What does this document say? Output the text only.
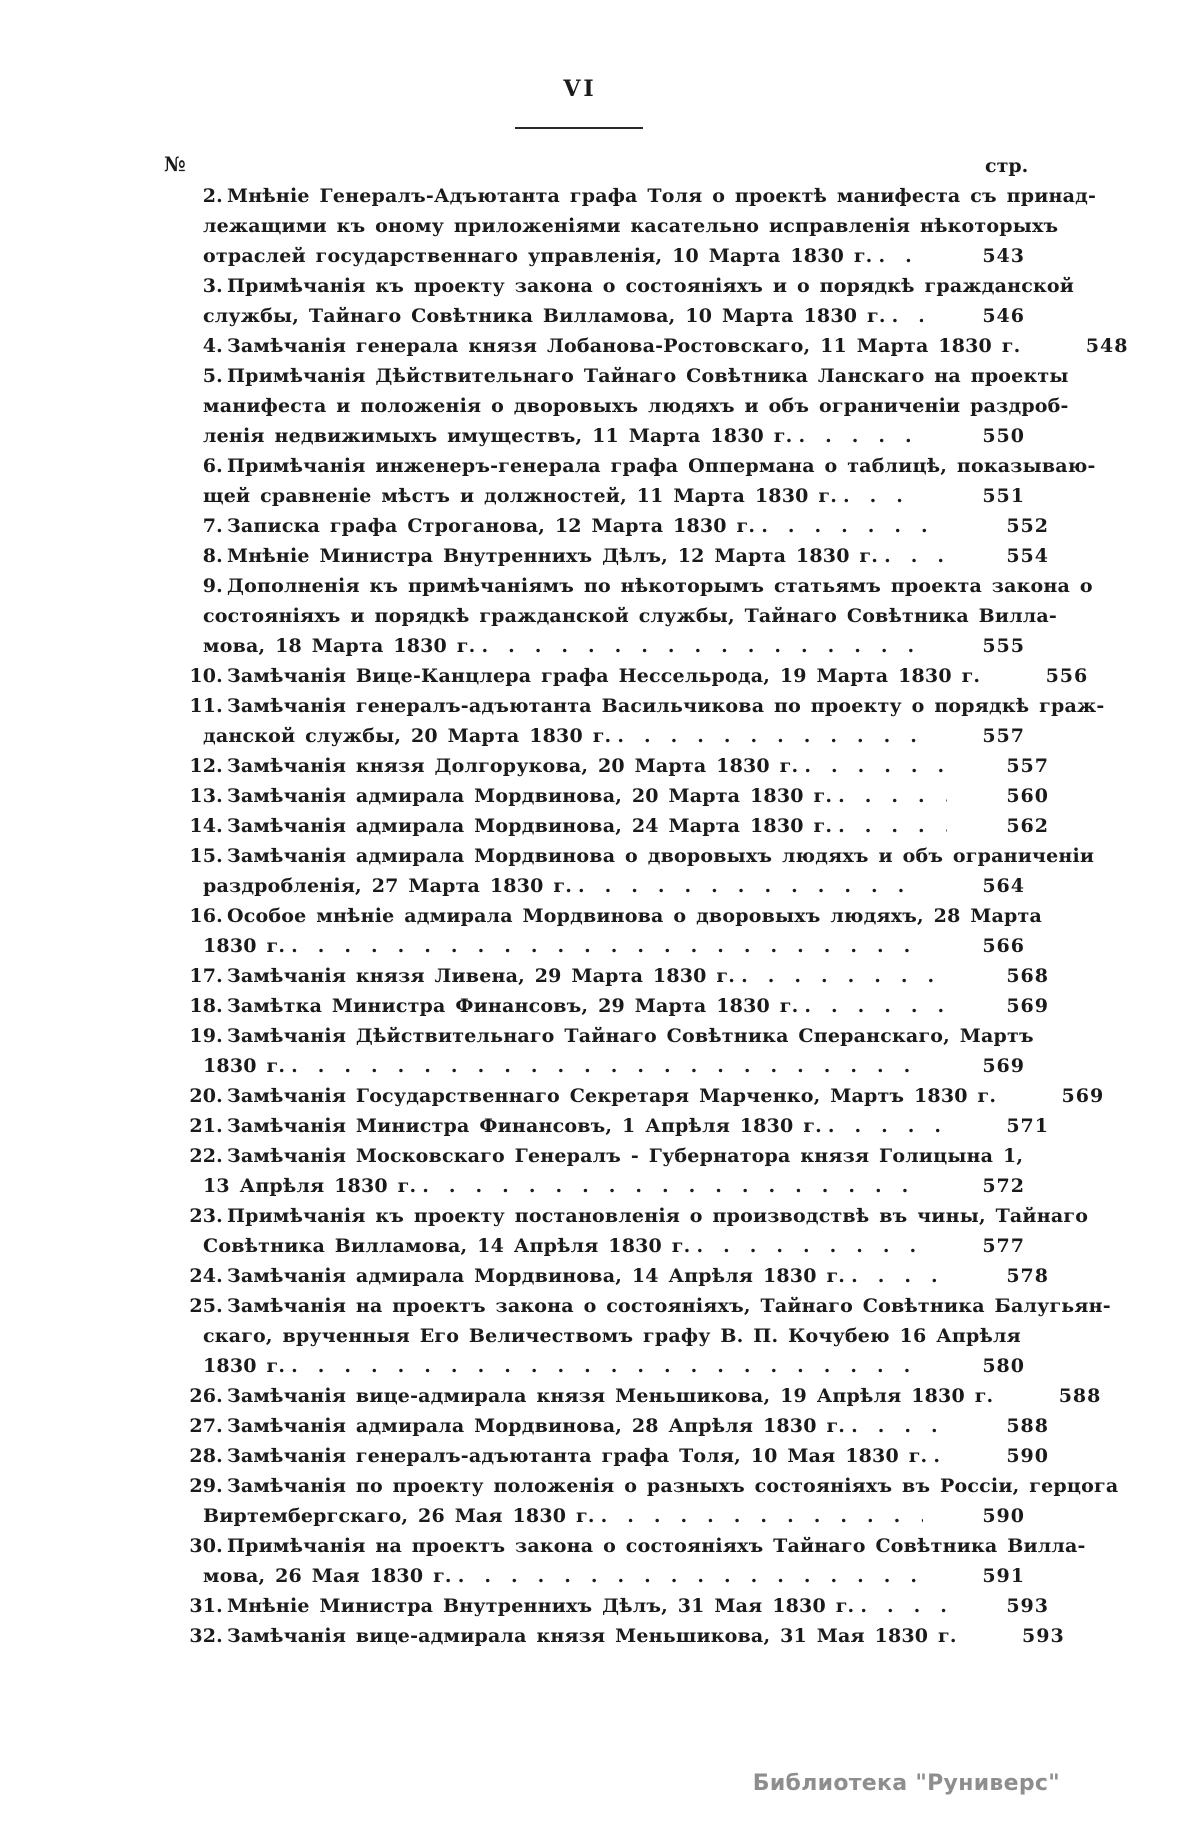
VI
№	стр.
2. Мнѣніе Генералъ-Адъютанта графа Толя о проектѣ манифеста съ принад-
лежащими къ оному приложеніями касательно исправленія нѣкоторыхъ
отраслей государственнаго управленія, 10 Марта 1830 г. . . .	543
3. Примѣчанія къ проекту закона о состояніяхъ и о порядкѣ гражданской
службы, Тайнаго Совѣтника Вилламова, 10 Марта 1830 г. . . .	546
4. Замѣчанія генерала князя Лобанова-Ростовскаго, 11 Марта 1830 г.	548
5. Примѣчанія Дѣйствительнаго Тайнаго Совѣтника Ланскаго на проекты
манифеста и положенія о дворовыхъ людяхъ и объ ограниченіи раздроб-
ленія недвижимыхъ имуществъ, 11 Марта 1830 г. . . .	550
6. Примѣчанія инженеръ-генерала графа Оппермана о таблицѣ, показываю-
щей сравненіе мѣстъ и должностей, 11 Марта 1830 г. . . .	551
7. Записка графа Строганова, 12 Марта 1830 г. . . .	552
8. Мнѣніе Министра Внутреннихъ Дѣлъ, 12 Марта 1830 г. . . .	554
9. Дополненія къ примѣчаніямъ по нѣкоторымъ статьямъ проекта закона о
состояніяхъ и порядкѣ гражданской службы, Тайнаго Совѣтника Вилла-
мова, 18 Марта 1830 г. . . .	555
10. Замѣчанія Вице-Канцлера графа Нессельрода, 19 Марта 1830 г.	556
11. Замѣчанія генералъ-адъютанта Васильчикова по проекту о порядкѣ граж-
данской службы, 20 Марта 1830 г. . . .	557
12. Замѣчанія князя Долгорукова, 20 Марта 1830 г. . . .	557
13. Замѣчанія адмирала Мордвинова, 20 Марта 1830 г. . . .	560
14. Замѣчанія адмирала Мордвинова, 24 Марта 1830 г. . . .	562
15. Замѣчанія адмирала Мордвинова о дворовыхъ людяхъ и объ ограниченіи
раздробленія, 27 Марта 1830 г. . . .	564
16. Особое мнѣніе адмирала Мордвинова о дворовыхъ людяхъ, 28 Марта
1830 г. . . .	566
17. Замѣчанія князя Ливена, 29 Марта 1830 г. . . .	568
18. Замѣтка Министра Финансовъ, 29 Марта 1830 г. . . .	569
19. Замѣчанія Дѣйствительнаго Тайнаго Совѣтника Сперанскаго, Мартъ
1830 г. . . .	569
20. Замѣчанія Государственнаго Секретаря Марченко, Мартъ 1830 г.	569
21. Замѣчанія Министра Финансовъ, 1 Апрѣля 1830 г. . . .	571
22. Замѣчанія Московскаго Генералъ - Губернатора князя Голицына 1,
13 Апрѣля 1830 г. . . .	572
23. Примѣчанія къ проекту постановленія о производствѣ въ чины, Тайнаго
Совѣтника Вилламова, 14 Апрѣля 1830 г. . . .	577
24. Замѣчанія адмирала Мордвинова, 14 Апрѣля 1830 г. . . .	578
25. Замѣчанія на проектъ закона о состояніяхъ, Тайнаго Совѣтника Балугьян-
скаго, врученныя Его Величествомъ графу В. П. Кочубею 16 Апрѣля
1830 г. . . .	580
26. Замѣчанія вице-адмирала князя Меньшикова, 19 Апрѣля 1830 г.	588
27. Замѣчанія адмирала Мордвинова, 28 Апрѣля 1830 г. . . .	588
28. Замѣчанія генералъ-адъютанта графа Толя, 10 Мая 1830 г. . . .	590
29. Замѣчанія по проекту положенія о разныхъ состояніяхъ въ Россіи, герцога
Виртембергскаго, 26 Мая 1830 г. . . .	590
30. Примѣчанія на проектъ закона о состояніяхъ Тайнаго Совѣтника Вилла-
мова, 26 Мая 1830 г. . . .	591
31. Мнѣніе Министра Внутреннихъ Дѣлъ, 31 Мая 1830 г. . . .	593
32. Замѣчанія вице-адмирала князя Меньшикова, 31 Мая 1830 г.	593
Библиотека "Руниверс"
